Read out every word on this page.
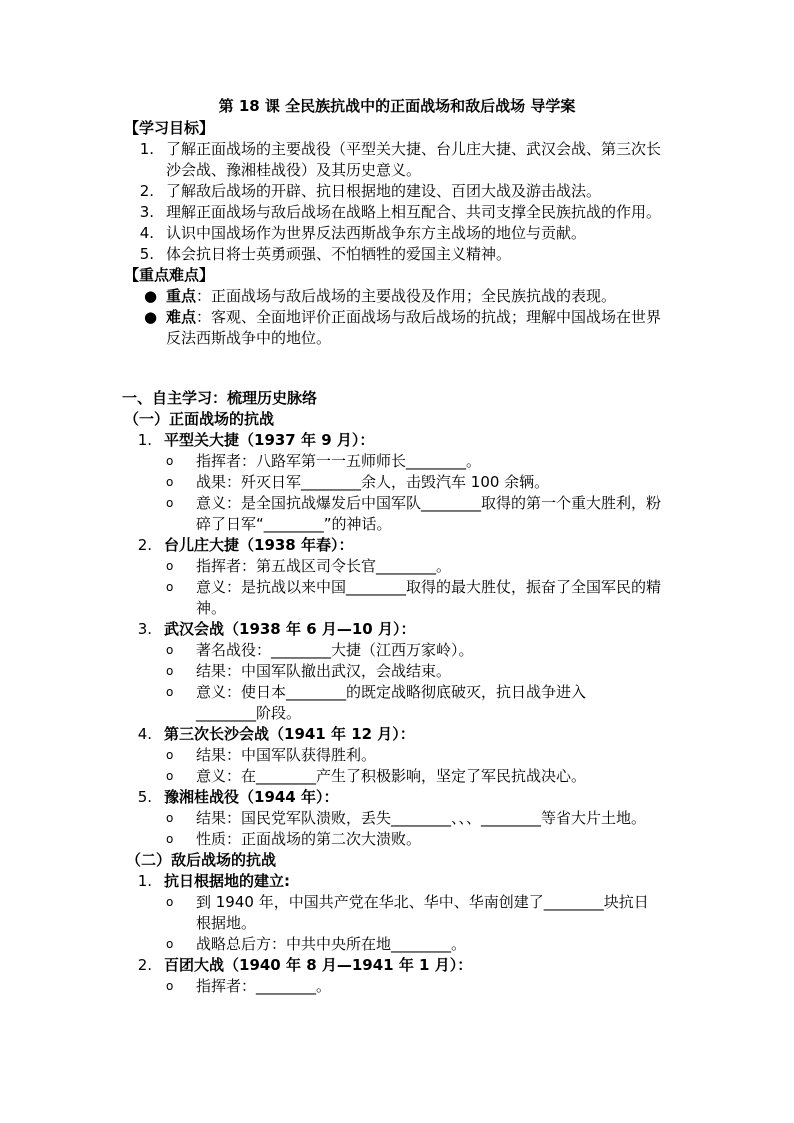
第 18 课 全民族抗战中的正面战场和敌后战场 导学案
【学习目标】
1. 了解正面战场的主要战役（平型关大捷、台儿庄大捷、武汉会战、第三次长沙会战、豫湘桂战役）及其历史意义。
2. 了解敌后战场的开辟、抗日根据地的建设、百团大战及游击战法。
3. 理解正面战场与敌后战场在战略上相互配合、共司支撑全民族抗战的作用。
4. 认识中国战场作为世界反法西斯战争东方主战场的地位与贡献。
5. 体会抗日将士英勇顽强、不怕牺牲的爱国主义精神。
【重点难点】
● 重点：正面战场与敌后战场的主要战役及作用；全民族抗战的表现。
● 难点：客观、全面地评价正面战场与敌后战场的抗战；理解中国战场在世界反法西斯战争中的地位。
一、自主学习：梳理历史脉络
（一）正面战场的抗战
1. 平型关大捷（1937 年 9 月）：
o 指挥者：八路军第一一五师师长________。
o 战果：歼灭日军________余人，击毁汽车 100 余辆。
o 意义：是全国抗战爆发后中国军队________取得的第一个重大胜利，粉碎了日军“________”的神话。
2. 台儿庄大捷（1938 年春）：
o 指挥者：第五战区司令长官________。
o 意义：是抗战以来中国________取得的最大胜仗，振奋了全国军民的精神。
3. 武汉会战（1938 年 6 月—10 月）：
o 著名战役：________大捷（江西万家岭）。
o 结果：中国军队撤出武汉，会战结束。
o 意义：使日本________的既定战略彻底破灭，抗日战争进入________阶段。
4. 第三次长沙会战（1941 年 12 月）：
o 结果：中国军队获得胜利。
o 意义：在________产生了积极影响，坚定了军民抗战决心。
5. 豫湘桂战役（1944 年）：
o 结果：国民党军队溃败，丢失________、、、________等省大片土地。
o 性质：正面战场的第二次大溃败。
（二）敌后战场的抗战
1. 抗日根据地的建立:
o 到 1940 年，中国共产党在华北、华中、华南创建了________块抗日根据地。
o 战略总后方：中共中央所在地________。
2. 百团大战（1940 年 8 月—1941 年 1 月）：
o 指挥者：________。
